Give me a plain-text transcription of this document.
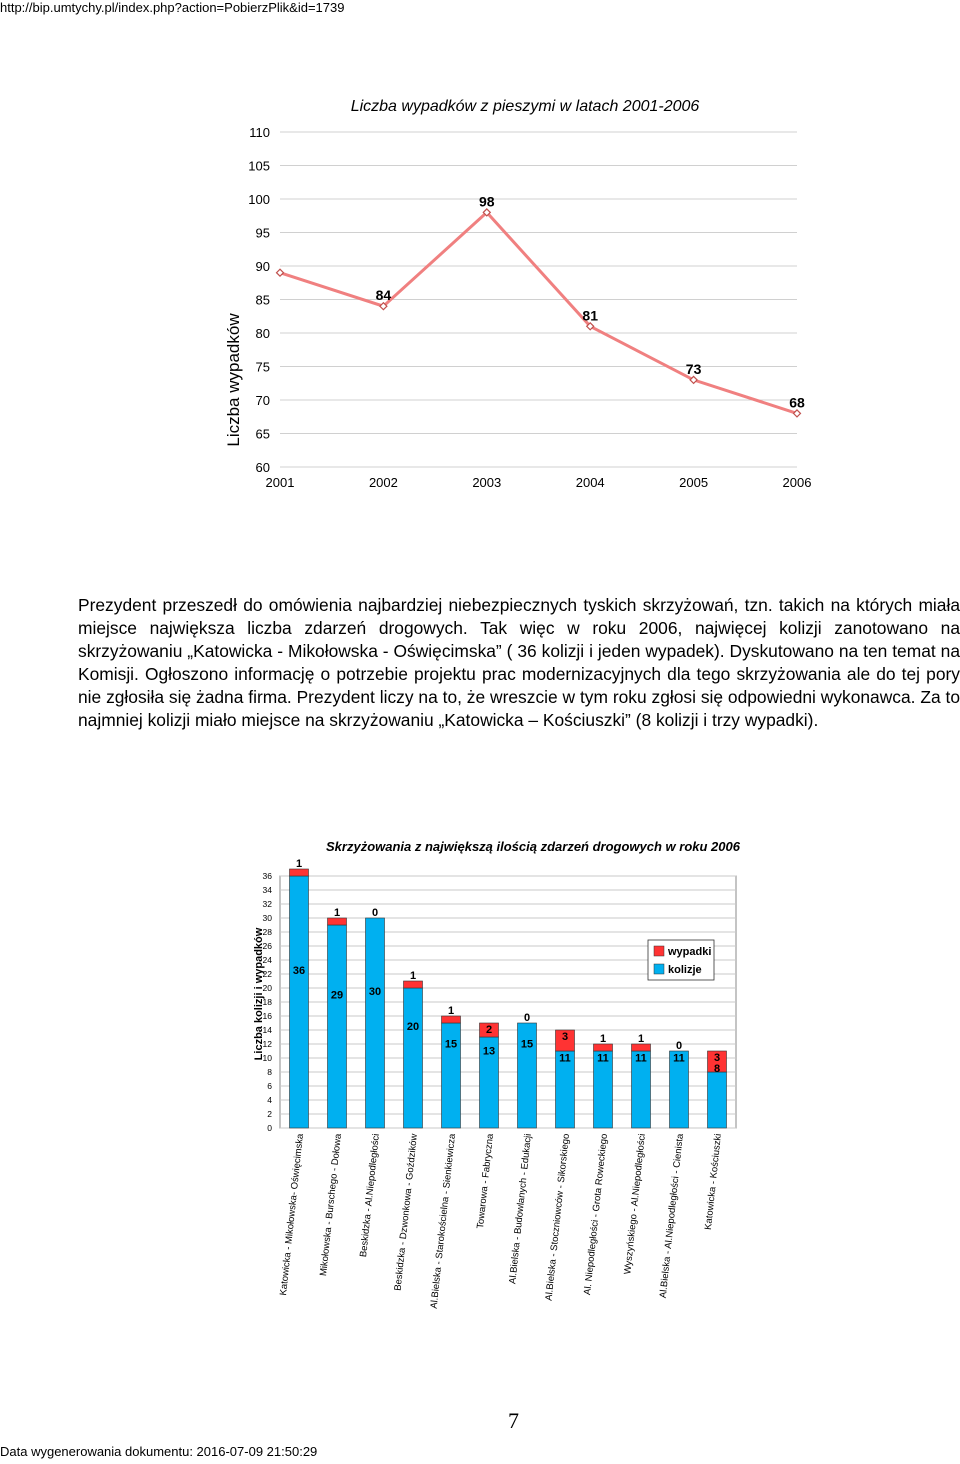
http://bip.umtychy.pl/index.php?action=PobierzPlik&id=1739
Liczba wypadków z pieszymi w latach 2001-2006
Liczba wypadków
110
105
100
95
90
85
80
75
70
65
60
2001	2002	2003	2004	2005	2006
84
98
81
73
68
Prezydent przeszedł do omówienia najbardziej niebezpiecznych tyskich skrzyżowań, tzn. takich na których miała miejsce największa liczba zdarzeń drogowych. Tak więc w roku 2006, najwięcej kolizji zanotowano na skrzyżowaniu „Katowicka - Mikołowska - Oświęcimska” ( 36 kolizji i jeden wypadek). Dyskutowano na ten temat na Komisji. Ogłoszono informację o potrzebie projektu prac modernizacyjnych dla tego skrzyżowania ale do tej pory nie zgłosiła się żadna firma. Prezydent liczy na to, że wreszcie w tym roku zgłosi się odpowiedni wykonawca. Za to najmniej kolizji miało miejsce na skrzyżowaniu „Katowicka – Kościuszki” (8 kolizji i trzy wypadki).
Skrzyżowania z największą ilością zdarzeń drogowych w roku 2006
Liczba kolizji i wypadków
36
34
32
30
28
26
24
22
20
18
16
14
12
10
8
6
4
2
0
36
1
29
1
30
0
20
1
15
1
13
2
15
0
11
3
11
1
11
1
11
0
8
3
Katowicka - Mikołowska- Oświęcimska Mikołowska - Burschego - Dołowa Beskidzka - Al.Niepodległości Beskidzka - Dzwonkowa - Goździków Al.Bielska - Starokościelna - Sienkiewicza Towarowa - Fabryczna Al.Bielska - Budowlanych - Edukacji Al.Bielska - Stoczniowców - Sikorskiego Al. Niepodległości - Grota Roweckiego Wyszyńskiego - Al.Niepodległości Al.Bielska - Al.Niepodległości - Cienista Katowicka - Kościuszki
wypadki
kolizje
7
Data wygenerowania dokumentu: 2016-07-09 21:50:29
